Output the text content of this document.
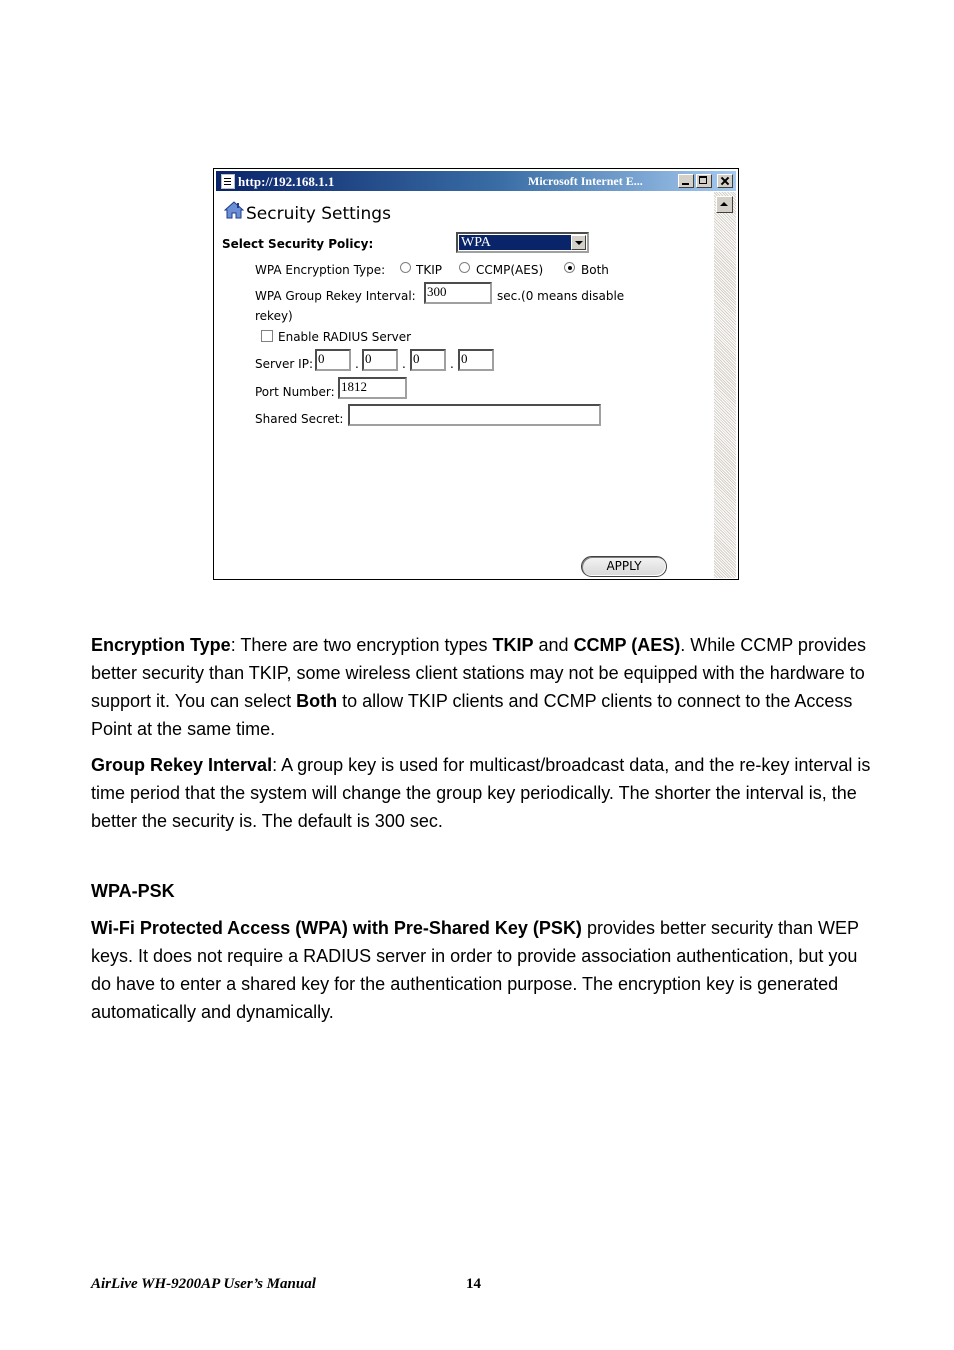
http://192.168.1.1	Microsoft Internet E...
Secruity Settings
Select Security Policy:	WPA
WPA Encryption Type:	TKIP	CCMP(AES)	Both
WPA Group Rekey Interval: 300	sec.(0 means disable
rekey)
Enable RADIUS Server
Server IP: 0	. 0	. 0	. 0
Port Number: 1812
Shared Secret:
APPLY
Encryption Type: There are two encryption types TKIP and CCMP (AES). While CCMP provides better security than TKIP, some wireless client stations may not be equipped with the hardware to support it. You can select Both to allow TKIP clients and CCMP clients to connect to the Access Point at the same time.
Group Rekey Interval: A group key is used for multicast/broadcast data, and the re-key interval is time period that the system will change the group key periodically. The shorter the interval is, the better the security is. The default is 300 sec.
WPA-PSK
Wi-Fi Protected Access (WPA) with Pre-Shared Key (PSK) provides better security than WEP keys. It does not require a RADIUS server in order to provide association authentication, but you do have to enter a shared key for the authentication purpose. The encryption key is generated automatically and dynamically.
AirLive WH-9200AP User’s Manual	14
